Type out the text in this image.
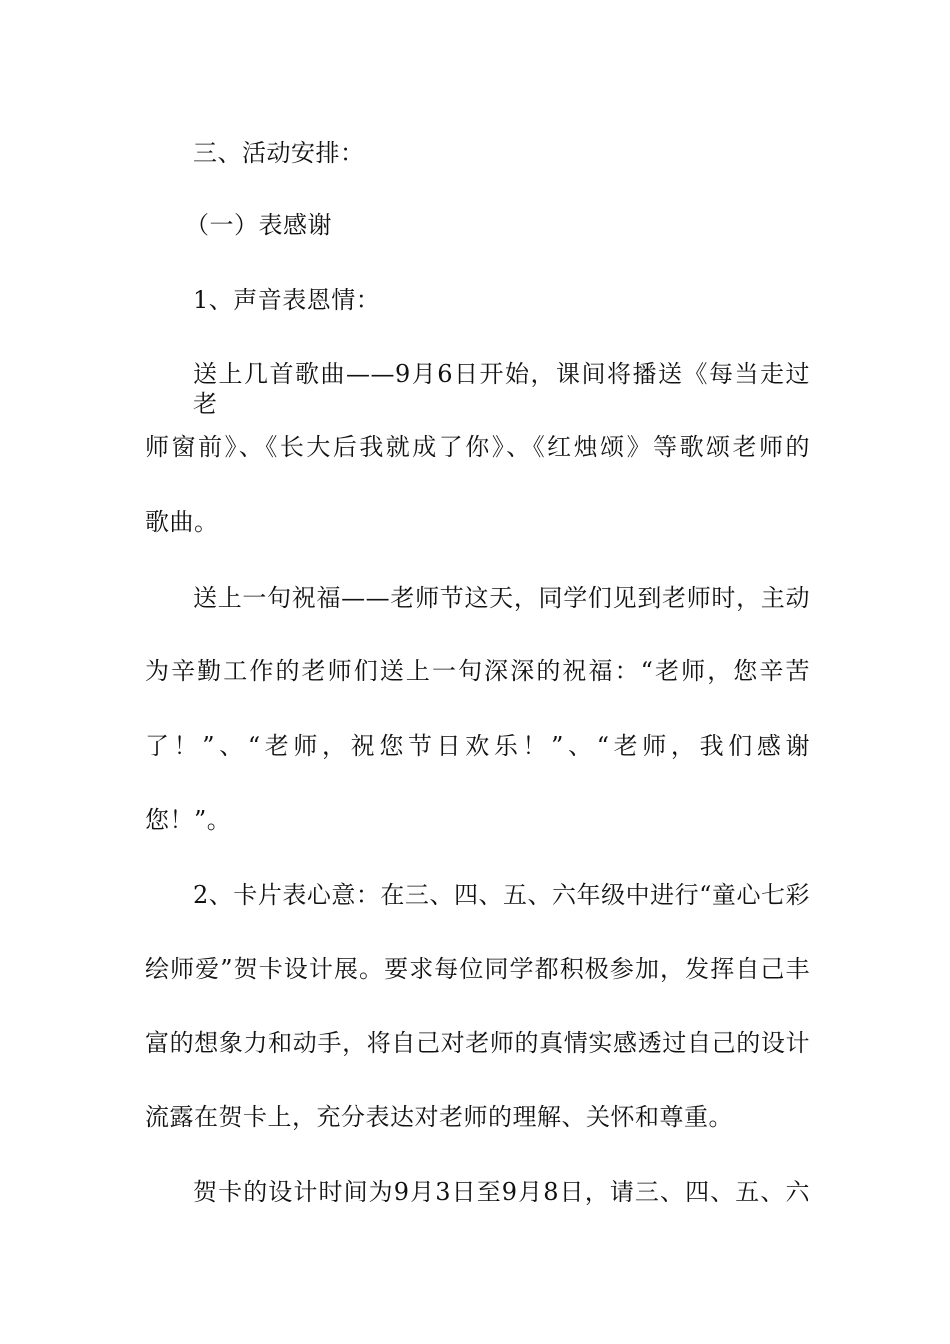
三、活动安排：
（一）表感谢
1、声音表恩情：
送上几首歌曲——9月6日开始，课间将播送《每当走过老
师窗前》、《长大后我就成了你》、《红烛颂》等歌颂老师的
歌曲。
送上一句祝福——老师节这天，同学们见到老师时，主动
为辛勤工作的老师们送上一句深深的祝福：“老师，您辛苦
了！”、“老师，祝您节日欢乐！”、“老师，我们感谢
您！”。
2、卡片表心意：在三、四、五、六年级中进行“童心七彩
绘师爱”贺卡设计展。要求每位同学都积极参加，发挥自己丰
富的想象力和动手，将自己对老师的真情实感透过自己的设计
流露在贺卡上，充分表达对老师的理解、关怀和尊重。
贺卡的设计时间为9月3日至9月8日，请三、四、五、六
